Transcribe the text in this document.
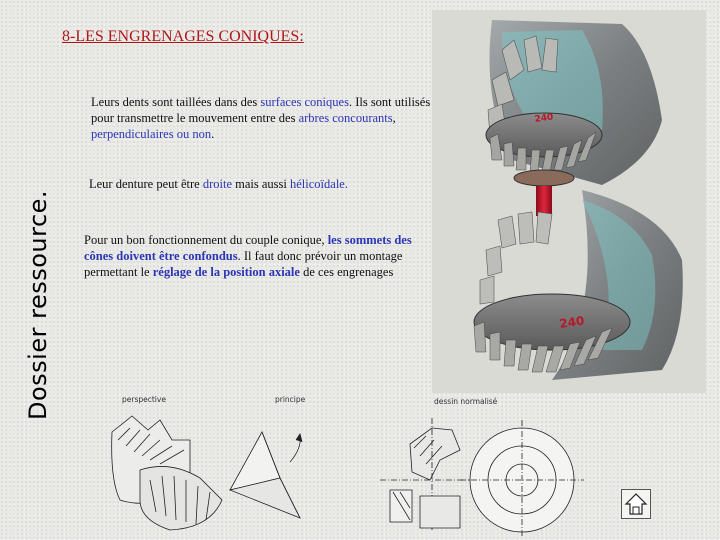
Dossier ressource.
8-LES ENGRENAGES CONIQUES:
Leurs dents sont taillées dans des surfaces coniques. Ils sont utilisés pour transmettre le mouvement entre des arbres concourants, perpendiculaires ou non.
Leur denture peut être droite mais aussi hélicoïdale.
Pour un bon fonctionnement du couple conique, les sommets des cônes doivent être confondus. Il faut donc prévoir un montage permettant le réglage de la position axiale de ces engrenages
240
240
perspective	principe	dessin normalisé
